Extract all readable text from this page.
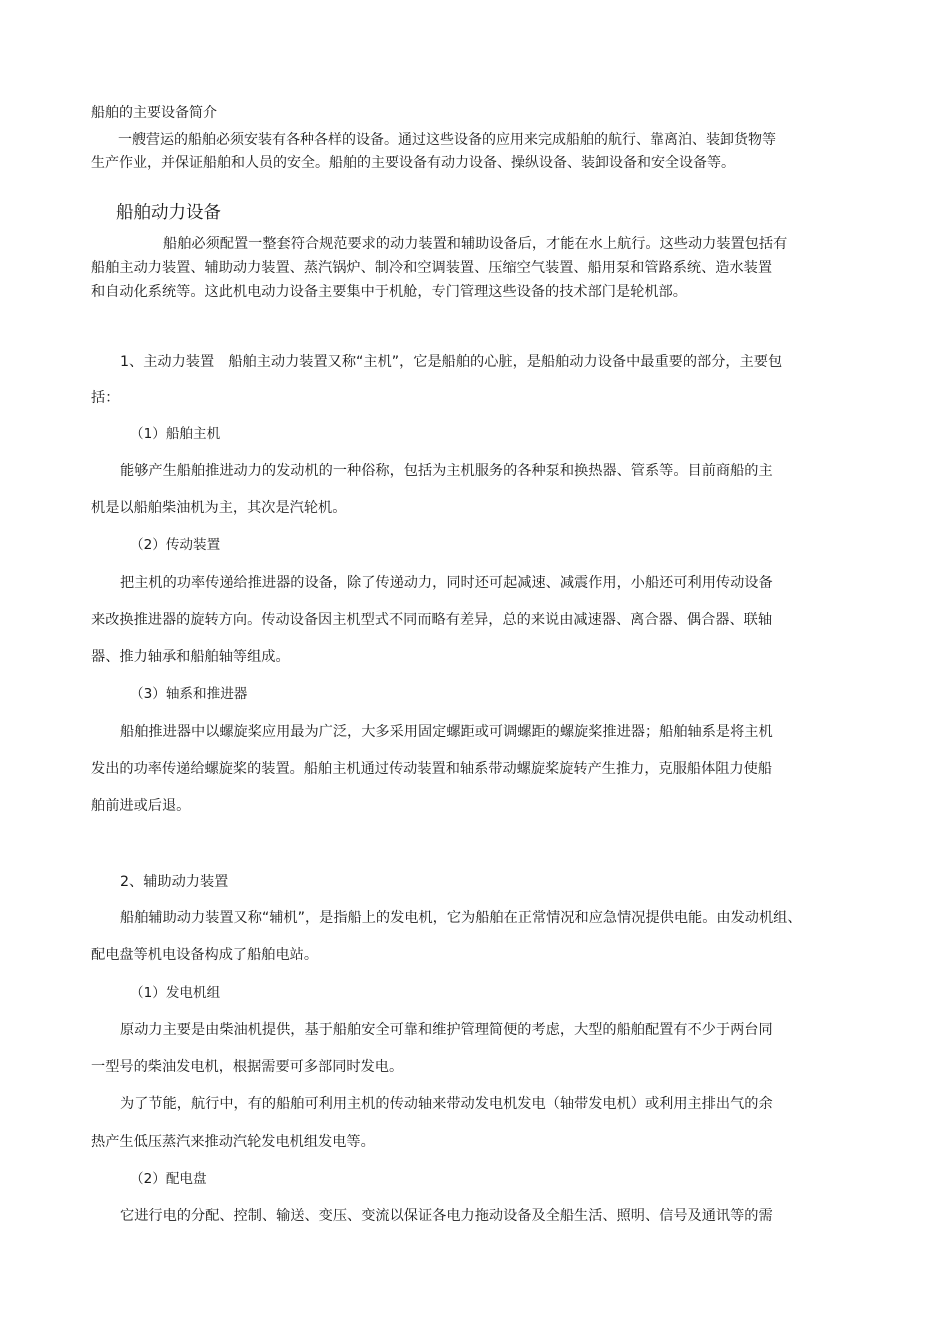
船舶的主要设备简介

一艘营运的船舶必须安装有各种各样的设备。通过这些设备的应用来完成船舶的航行、靠离泊、装卸货物等

生产作业，并保证船舶和人员的安全。船舶的主要设备有动力设备、操纵设备、装卸设备和安全设备等。

船舶动力设备

船舶必须配置一整套符合规范要求的动力装置和辅助设备后，才能在水上航行。这些动力装置包括有

船舶主动力装置、辅助动力装置、蒸汽锅炉、制冷和空调装置、压缩空气装置、船用泵和管路系统、造水装置

和自动化系统等。这此机电动力设备主要集中于机舱，专门管理这些设备的技术部门是轮机部。

1、主动力装置　船舶主动力装置又称“主机”，它是船舶的心脏，是船舶动力设备中最重要的部分，主要包

括：

（1）船舶主机

能够产生船舶推进动力的发动机的一种俗称，包括为主机服务的各种泵和换热器、管系等。目前商船的主

机是以船舶柴油机为主，其次是汽轮机。

（2）传动装置

把主机的功率传递给推进器的设备，除了传递动力，同时还可起减速、减震作用，小船还可利用传动设备

来改换推进器的旋转方向。传动设备因主机型式不同而略有差异，总的来说由减速器、离合器、偶合器、联轴

器、推力轴承和船舶轴等组成。

（3）轴系和推进器

船舶推进器中以螺旋桨应用最为广泛，大多采用固定螺距或可调螺距的螺旋桨推进器；船舶轴系是将主机

发出的功率传递给螺旋桨的装置。船舶主机通过传动装置和轴系带动螺旋桨旋转产生推力，克服船体阻力使船

舶前进或后退。

2、辅助动力装置

船舶辅助动力装置又称“辅机”，是指船上的发电机，它为船舶在正常情况和应急情况提供电能。由发动机组、

配电盘等机电设备构成了船舶电站。

（1）发电机组

原动力主要是由柴油机提供，基于船舶安全可靠和维护管理简便的考虑，大型的船舶配置有不少于两台同

一型号的柴油发电机，根据需要可多部同时发电。

为了节能，航行中，有的船舶可利用主机的传动轴来带动发电机发电（轴带发电机）或利用主排出气的余

热产生低压蒸汽来推动汽轮发电机组发电等。

（2）配电盘

它进行电的分配、控制、输送、变压、变流以保证各电力拖动设备及全船生活、照明、信号及通讯等的需
